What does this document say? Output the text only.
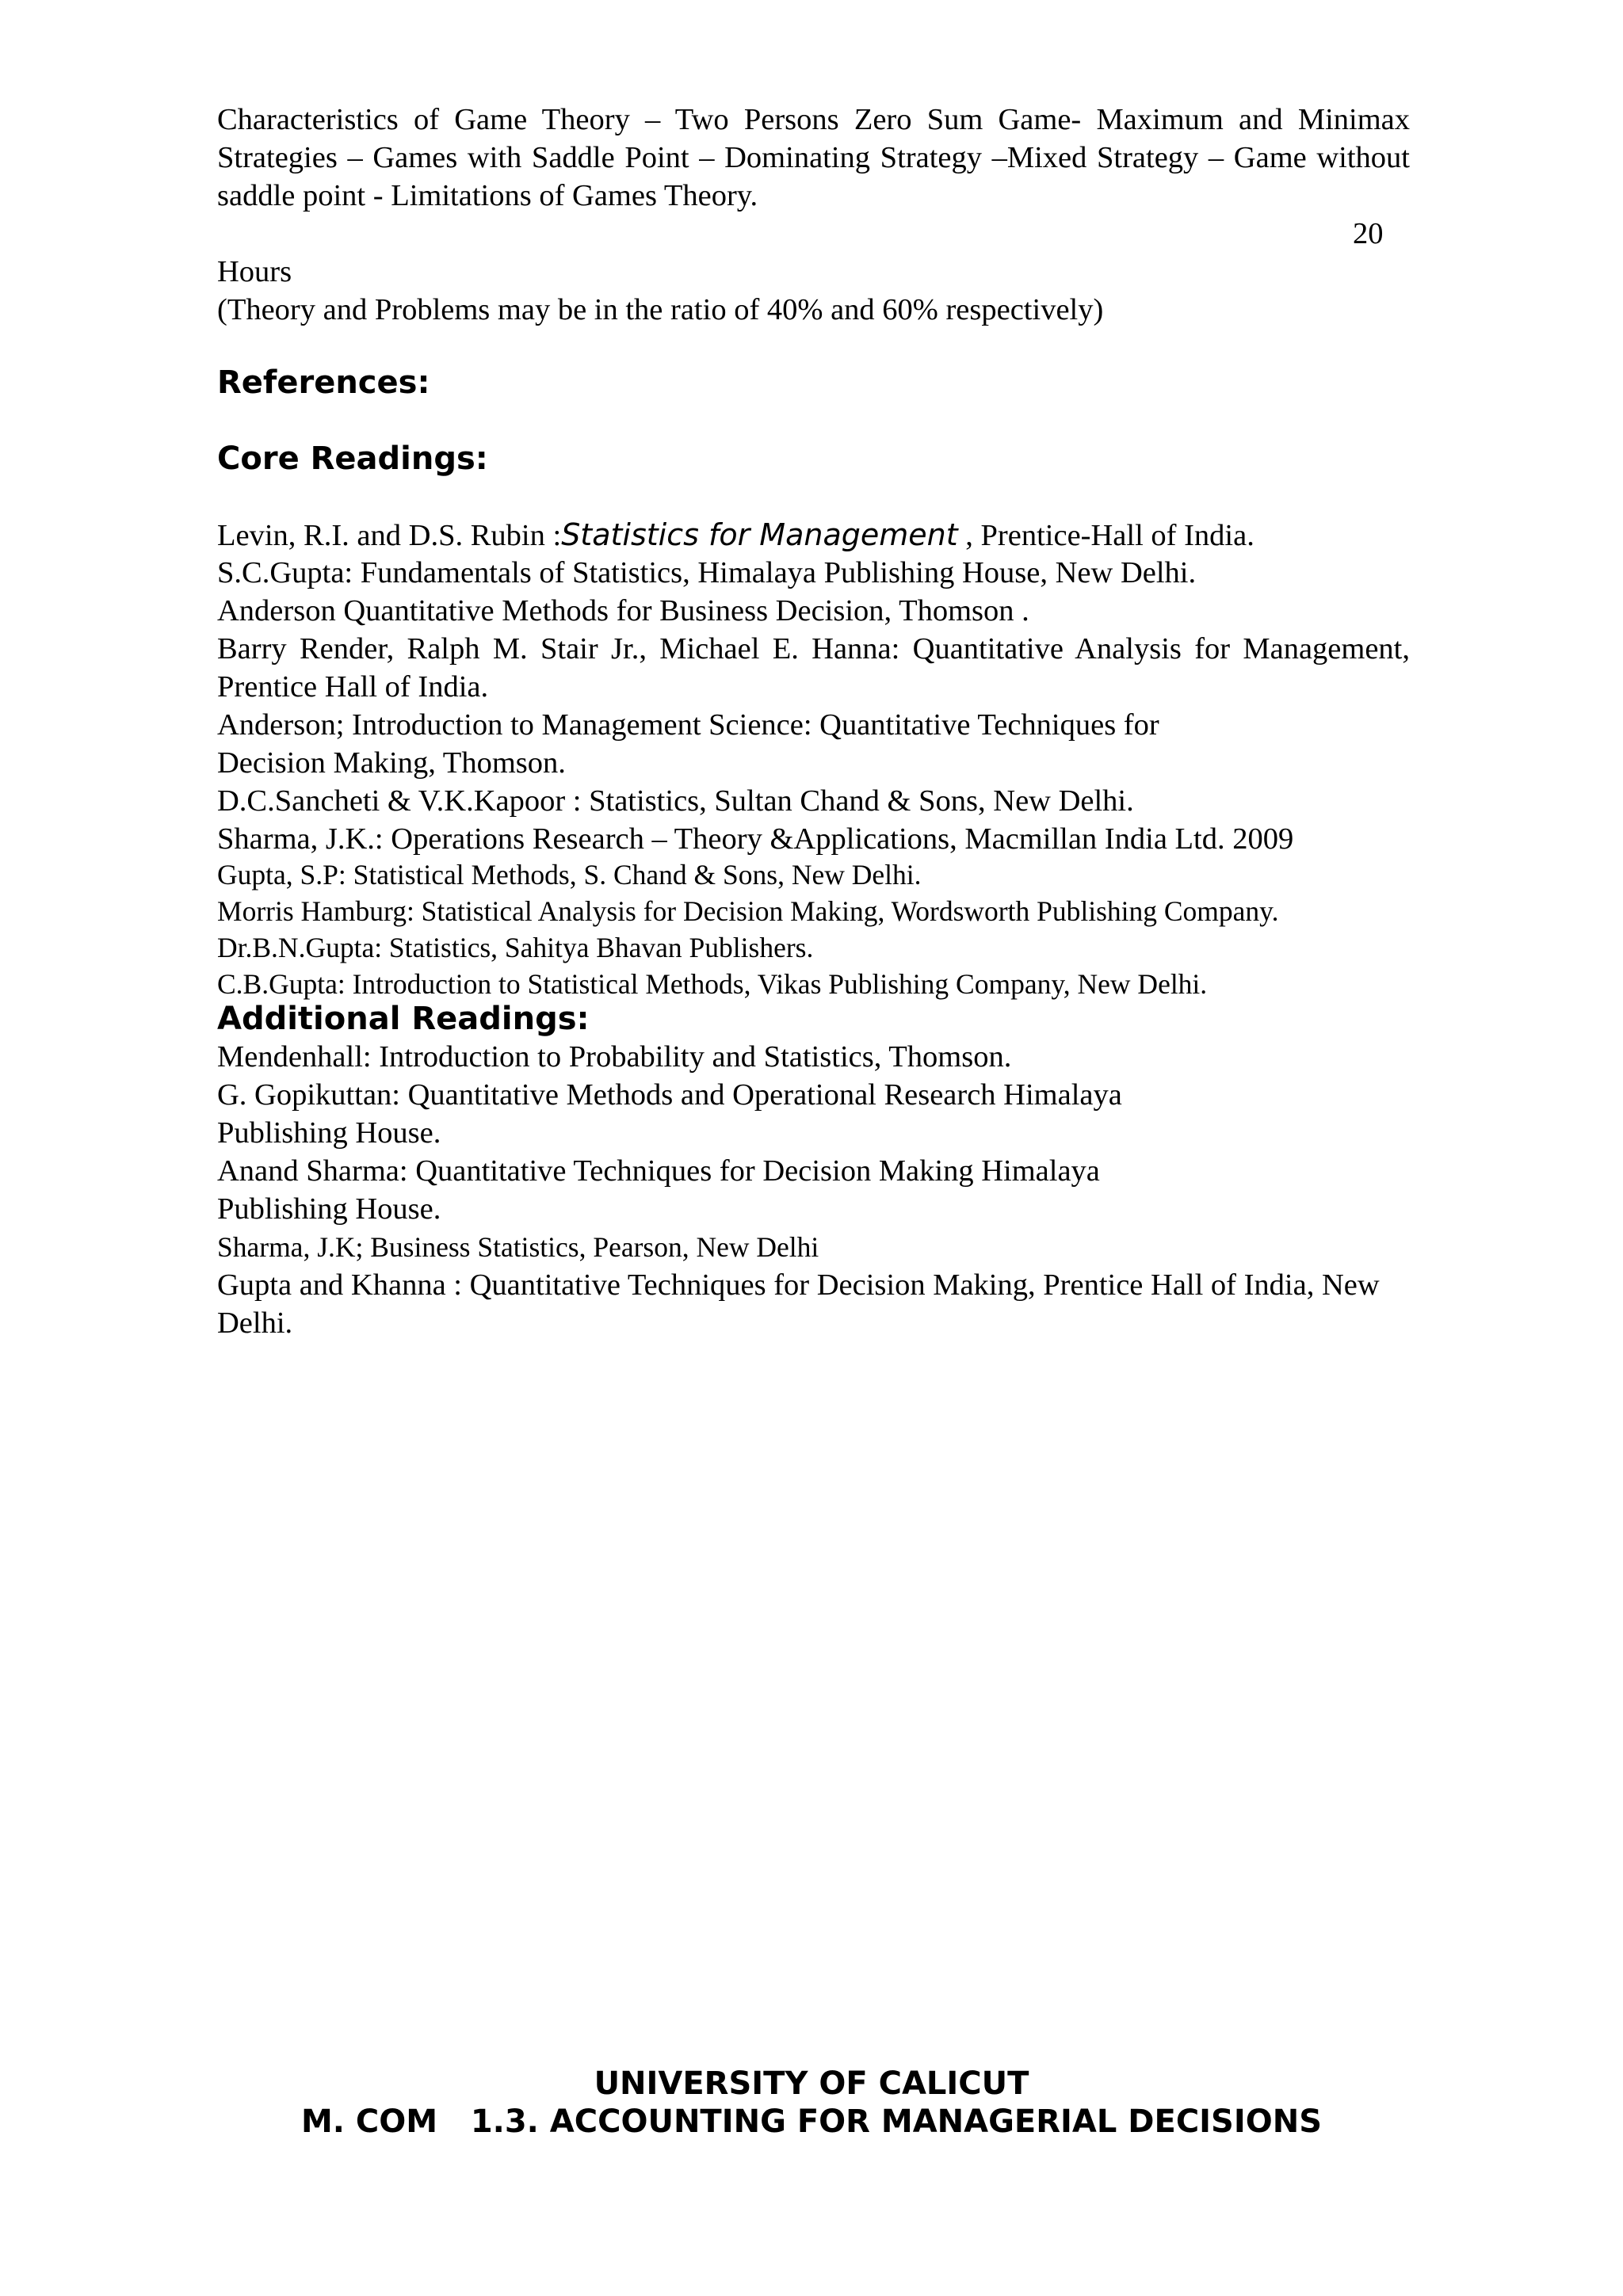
Characteristics of Game Theory – Two Persons Zero Sum Game- Maximum and Minimax Strategies – Games with Saddle Point – Dominating Strategy –Mixed Strategy – Game without saddle point - Limitations of Games Theory.

20
Hours
(Theory and Problems may be in the ratio of 40% and 60% respectively)
References:
Core Readings:
Levin, R.I. and D.S. Rubin :Statistics for Management , Prentice-Hall of India.
S.C.Gupta: Fundamentals of Statistics, Himalaya Publishing House, New Delhi.
Anderson Quantitative Methods for Business Decision, Thomson .

Barry Render, Ralph M. Stair Jr., Michael E. Hanna: Quantitative Analysis for Management, Prentice Hall of India.

Anderson; Introduction to Management Science: Quantitative Techniques for
Decision Making, Thomson.
D.C.Sancheti & V.K.Kapoor : Statistics, Sultan Chand & Sons, New Delhi.
Sharma, J.K.: Operations Research – Theory &Applications, Macmillan India Ltd. 2009
Gupta, S.P: Statistical Methods, S. Chand & Sons, New Delhi.
Morris Hamburg: Statistical Analysis for Decision Making, Wordsworth Publishing Company.
Dr.B.N.Gupta: Statistics, Sahitya Bhavan Publishers.
C.B.Gupta: Introduction to Statistical Methods, Vikas Publishing Company, New Delhi.
Additional Readings:
Mendenhall: Introduction to Probability and Statistics, Thomson.
G. Gopikuttan: Quantitative Methods and Operational Research Himalaya
Publishing House.
Anand Sharma: Quantitative Techniques for Decision Making Himalaya
Publishing House.
Sharma, J.K; Business Statistics, Pearson, New Delhi

Gupta and Khanna : Quantitative Techniques for Decision Making, Prentice Hall of India, New Delhi.

UNIVERSITY OF CALICUT
M. COM   1.3. ACCOUNTING FOR MANAGERIAL DECISIONS
